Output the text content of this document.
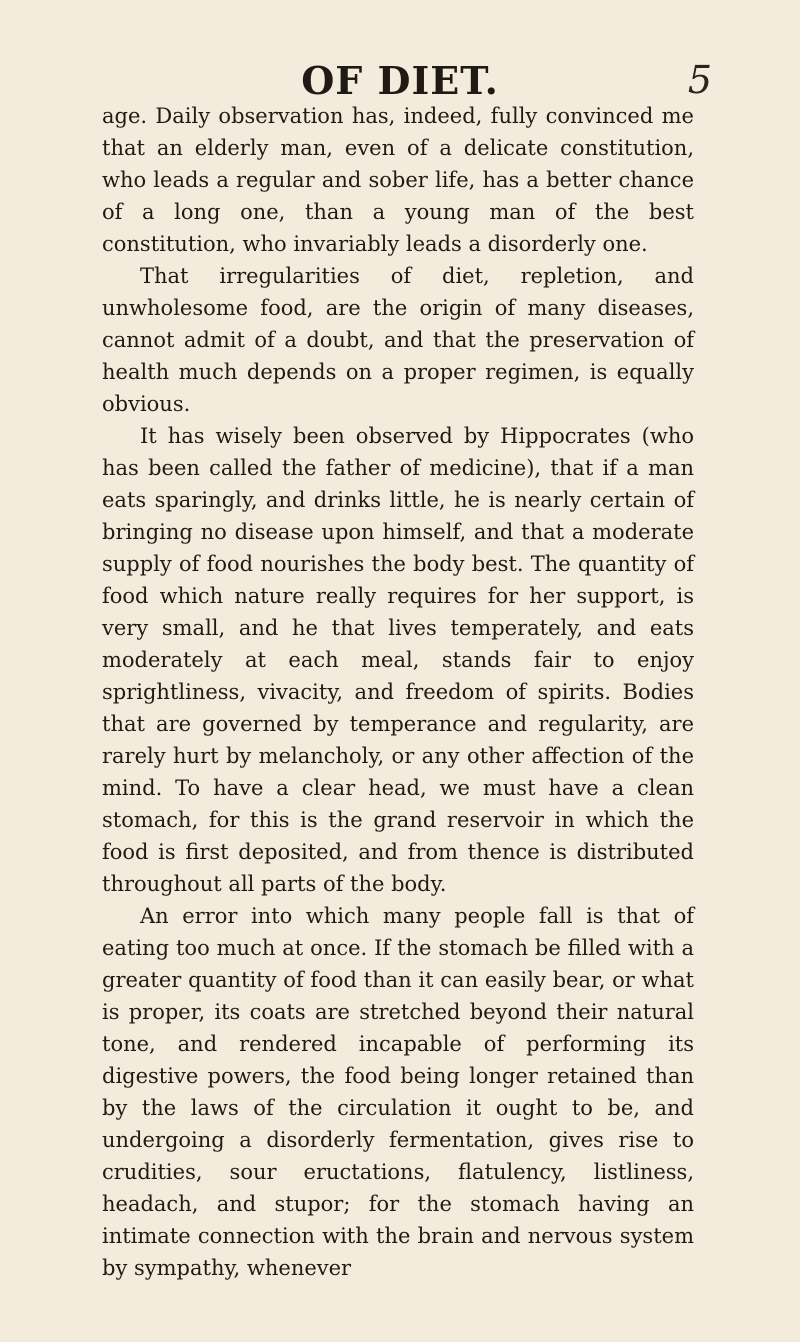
OF DIET.	5

age. Daily observation has, indeed, fully convinced me that an elderly man, even of a delicate constitution, who leads a regular and sober life, has a better chance of a long one, than a young man of the best constitution, who invariably leads a disorderly one.

That irregularities of diet, repletion, and unwholesome food, are the origin of many diseases, cannot admit of a doubt, and that the preservation of health much depends on a proper regimen, is equally obvious.

It has wisely been observed by Hippocrates (who has been called the father of medicine), that if a man eats sparingly, and drinks little, he is nearly certain of bringing no disease upon himself, and that a moderate supply of food nourishes the body best. The quantity of food which nature really requires for her support, is very small, and he that lives temperately, and eats moderately at each meal, stands fair to enjoy sprightliness, vivacity, and freedom of spirits. Bodies that are governed by temperance and regularity, are rarely hurt by melancholy, or any other affection of the mind. To have a clear head, we must have a clean stomach, for this is the grand reservoir in which the food is first deposited, and from thence is distributed throughout all parts of the body.

An error into which many people fall is that of eating too much at once. If the stomach be filled with a greater quantity of food than it can easily bear, or what is proper, its coats are stretched beyond their natural tone, and rendered incapable of performing its digestive powers, the food being longer retained than by the laws of the circulation it ought to be, and undergoing a disorderly fermentation, gives rise to crudities, sour eructations, flatulency, listliness, headach, and stupor; for the stomach having an intimate connection with the brain and nervous system by sympathy, whenever
